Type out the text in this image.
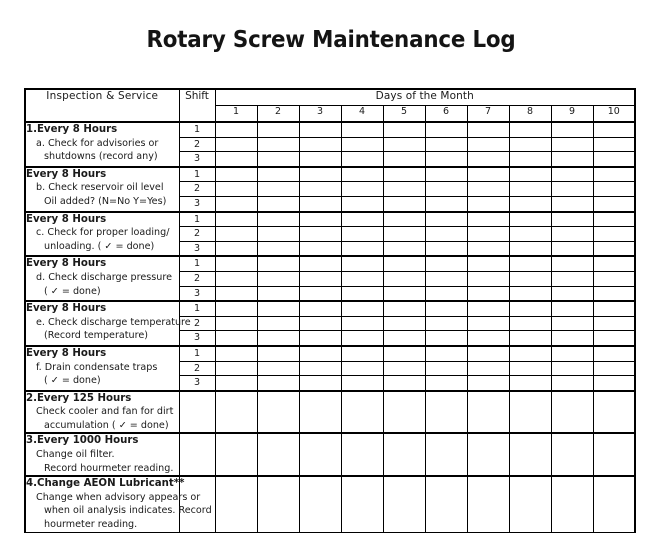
Rotary Screw Maintenance Log
Inspection & Service	Shift	Days of the Month									
		1	2	3	4	5	6	7	8	9	10

1.Every 8 Hours
a. Check for advisories or
shutdowns (record any)	1										
	2										
	3										

Every 8 Hours
b. Check reservoir oil level
Oil added? (N=No Y=Yes)	1										
	2										
	3										

Every 8 Hours
c. Check for proper loading/
unloading. ( ✓ = done)	1										
	2										
	3										

Every 8 Hours
d. Check discharge pressure
( ✓ = done)	1										
	2										
	3										

Every 8 Hours
e. Check discharge temperature
(Record temperature)	1										
	2										
	3										

Every 8 Hours
f. Drain condensate traps
( ✓ = done)	1										
	2										
	3										

2.Every 125 Hours
Check cooler and fan for dirt
accumulation ( ✓ = done)											

3.Every 1000 Hours
Change oil filter.
Record hourmeter reading.											

4.Change AEON Lubricant**
Change when advisory appears or
when oil analysis indicates. Record
hourmeter reading.											
